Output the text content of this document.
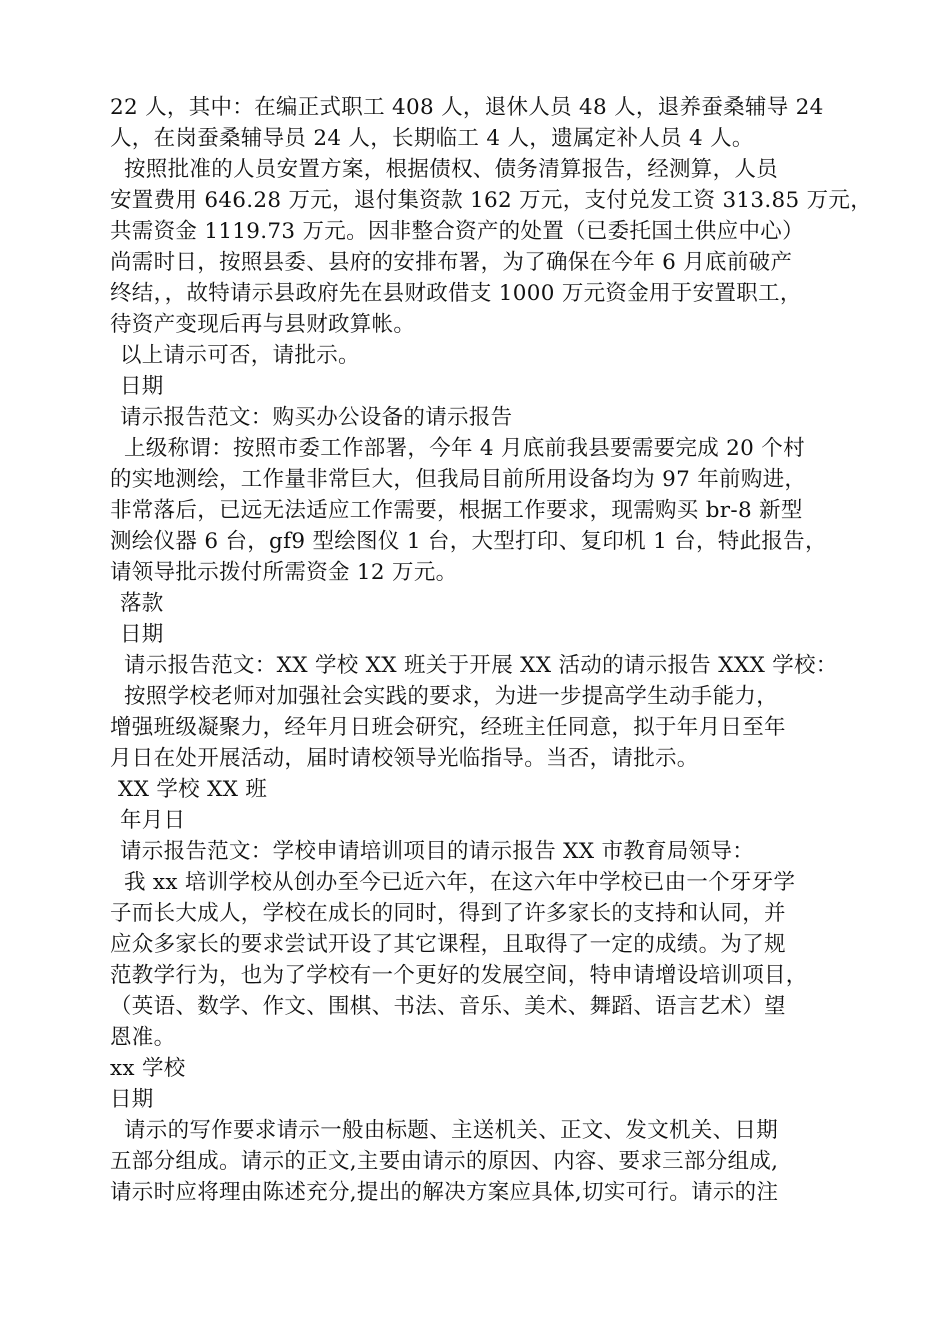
22 人，其中：在编正式职工 408 人，退休人员 48 人，退养蚕桑辅导 24

人，在岗蚕桑辅导员 24 人，长期临工 4 人，遗属定补人员 4 人。

按照批准的人员安置方案，根据债权、债务清算报告，经测算，人员

安置费用 646.28 万元，退付集资款 162 万元，支付兑发工资 313.85 万元，

共需资金 1119.73 万元。因非整合资产的处置（已委托国土供应中心）

尚需时日，按照县委、县府的安排布署，为了确保在今年 6 月底前破产

终结，，故特请示县政府先在县财政借支 1000 万元资金用于安置职工，

待资产变现后再与县财政算帐。

以上请示可否，请批示。

日期

请示报告范文：购买办公设备的请示报告

上级称谓：按照市委工作部署，今年 4 月底前我县要需要完成 20 个村

的实地测绘，工作量非常巨大，但我局目前所用设备均为 97 年前购进，

非常落后，已远无法适应工作需要，根据工作要求，现需购买 br-8 新型

测绘仪器 6 台，gf9 型绘图仪 1 台，大型打印、复印机 1 台，特此报告，

请领导批示拨付所需资金 12 万元。

落款

日期

请示报告范文：XX 学校 XX 班关于开展 XX 活动的请示报告 XXX 学校：

按照学校老师对加强社会实践的要求，为进一步提高学生动手能力，

增强班级凝聚力，经年月日班会研究，经班主任同意，拟于年月日至年

月日在处开展活动，届时请校领导光临指导。当否，请批示。

XX 学校 XX 班

年月日

请示报告范文：学校申请培训项目的请示报告 XX 市教育局领导：

我 xx 培训学校从创办至今已近六年，在这六年中学校已由一个牙牙学

子而长大成人，学校在成长的同时，得到了许多家长的支持和认同，并

应众多家长的要求尝试开设了其它课程，且取得了一定的成绩。为了规

范教学行为，也为了学校有一个更好的发展空间，特申请增设培训项目，

（英语、数学、作文、围棋、书法、音乐、美术、舞蹈、语言艺术）望

恩准。

xx 学校

日期

请示的写作要求请示一般由标题、主送机关、正文、发文机关、日期

五部分组成。请示的正文,主要由请示的原因、内容、要求三部分组成,

请示时应将理由陈述充分,提出的解决方案应具体,切实可行。请示的注
